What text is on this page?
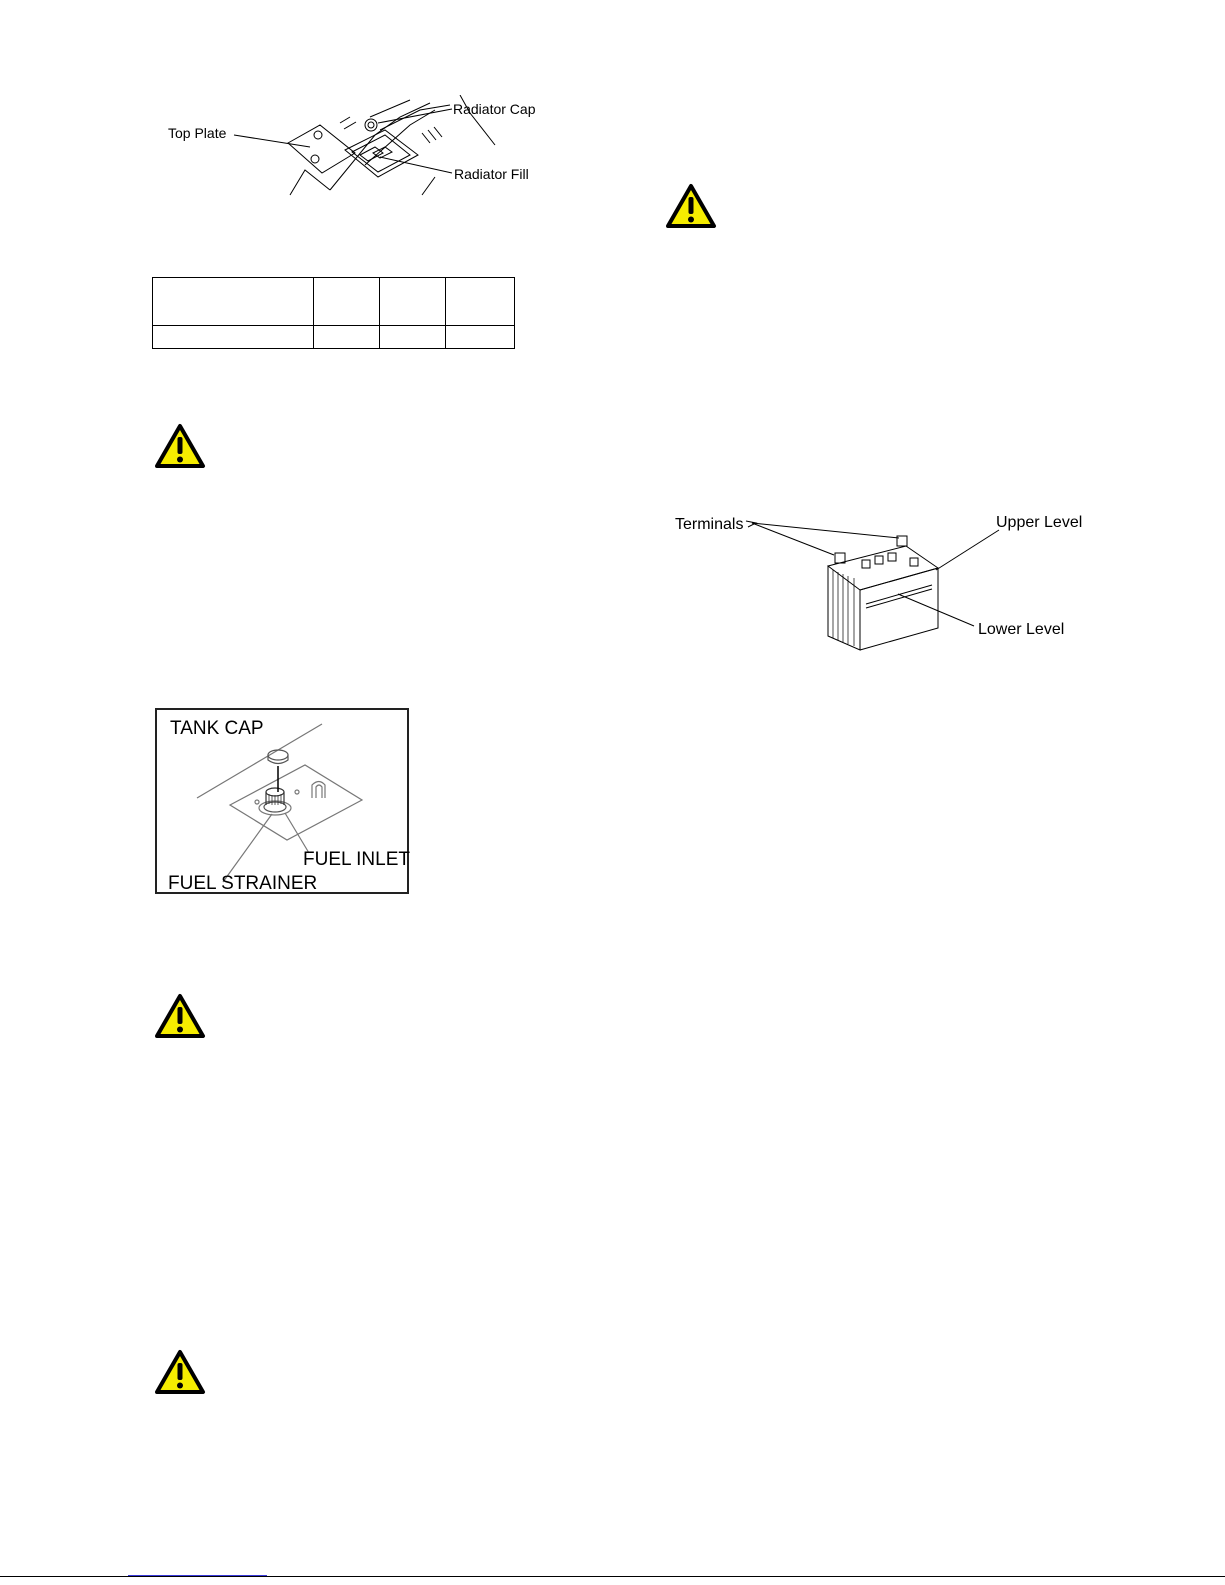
Top Plate
Radiator Cap
Radiator Fill

TANK CAP
FUEL INLET
FUEL STRAINER
Terminals	Upper Level
Lower Level
